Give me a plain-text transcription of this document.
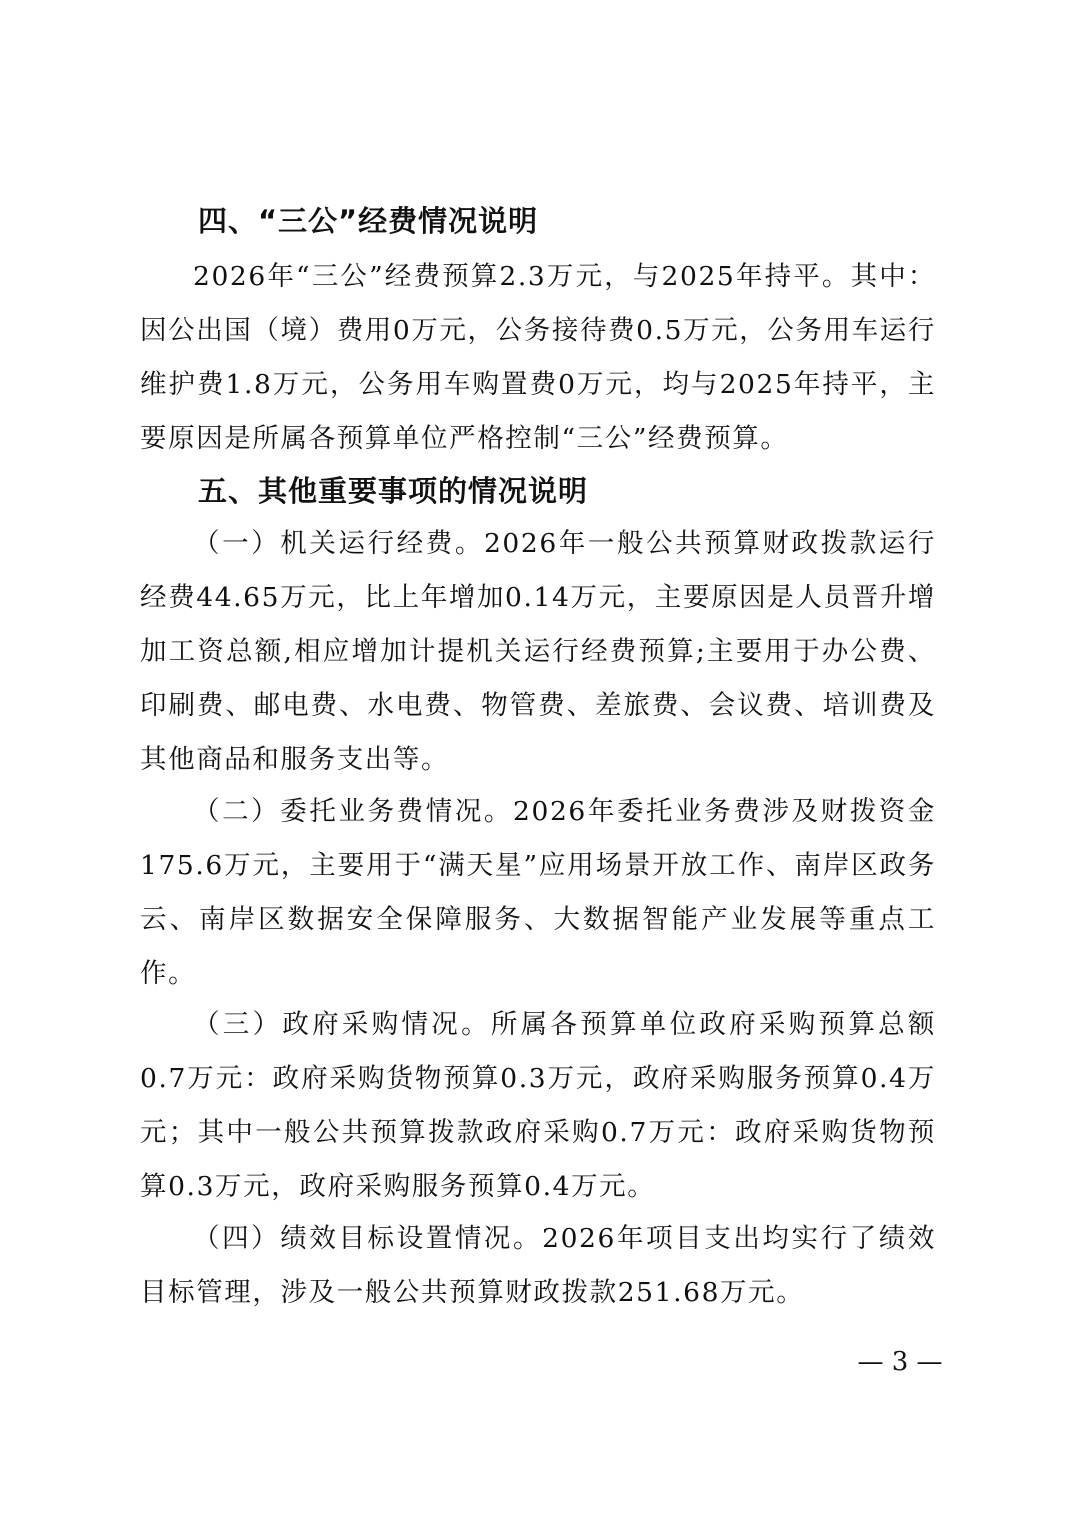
四、“三公”经费情况说明

2026年“三公”经费预算2.3万元，与2025年持平。其中：因公出国（境）费用0万元，公务接待费0.5万元，公务用车运行维护费1.8万元，公务用车购置费0万元，均与2025年持平，主要原因是所属各预算单位严格控制“三公”经费预算。

五、其他重要事项的情况说明

（一）机关运行经费。2026年一般公共预算财政拨款运行经费44.65万元，比上年增加0.14万元，主要原因是人员晋升增加工资总额,相应增加计提机关运行经费预算;主要用于办公费、印刷费、邮电费、水电费、物管费、差旅费、会议费、培训费及其他商品和服务支出等。

（二）委托业务费情况。2026年委托业务费涉及财拨资金175.6万元，主要用于“满天星”应用场景开放工作、南岸区政务云、南岸区数据安全保障服务、大数据智能产业发展等重点工作。

（三）政府采购情况。所属各预算单位政府采购预算总额0.7万元：政府采购货物预算0.3万元，政府采购服务预算0.4万元；其中一般公共预算拨款政府采购0.7万元：政府采购货物预算0.3万元，政府采购服务预算0.4万元。

（四）绩效目标设置情况。2026年项目支出均实行了绩效目标管理，涉及一般公共预算财政拨款251.68万元。

— 3 —
